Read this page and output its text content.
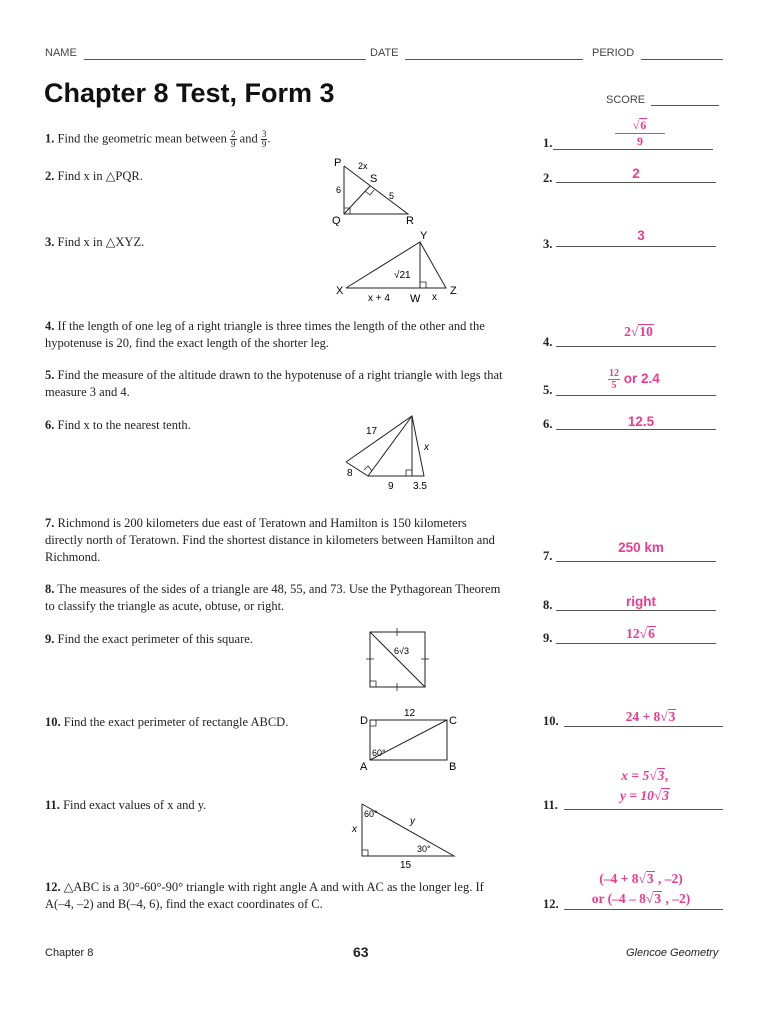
NAME	DATE	PERIOD
Chapter 8 Test, Form 3	SCORE
1. Find the geometric mean between $\frac{2}{9}$ and $\frac{3}{9}$ .	1.
√6
9
2. Find x in △PQR.
P 2x
S
6
5
Q	R
2.	2
3. Find x in △XYZ.	Y
√21
X	Z
x + 4 W x
3.
3
4. If the length of one leg of a right triangle is three times the length of the other and the hypotenuse is 20, find the exact length of the shorter leg.	4.
2√10
5. Find the measure of the altitude drawn to the hypotenuse of a right triangle with legs that measure 3 and 4.	5.	$\frac{12}{5}$ or 2.4
6. Find x to the nearest tenth.	17
x
8
9 3.5
6.	12.5
7. Richmond is 200 kilometers due east of Teratown and Hamilton is 150 kilometers directly north of Teratown. Find the shortest distance in kilometers between Hamilton and Richmond.	7.
250 km
8. The measures of the sides of a triangle are 48, 55, and 73. Use the Pythagorean Theorem to classify the triangle as acute, obtuse, or right.	8.	right
9. Find the exact perimeter of this square.
6√3
9.	12√6
10. Find the exact perimeter of rectangle ABCD.
12
D	C
60°
A	B
10.	24 + 8√3
11. Find exact values of x and y.
60°
y
x
30°
15
11.
x = 5√3,
y = 10√3
12. △ABC is a 30°-60°-90° triangle with right angle A and with AC as the longer leg. If A(–4, –2) and B(–4, 6), find the exact coordinates of C.	12.
(–4 + 8√3 , –2)
or (–4 – 8√3 , –2)
Chapter 8	63	Glencoe Geometry
